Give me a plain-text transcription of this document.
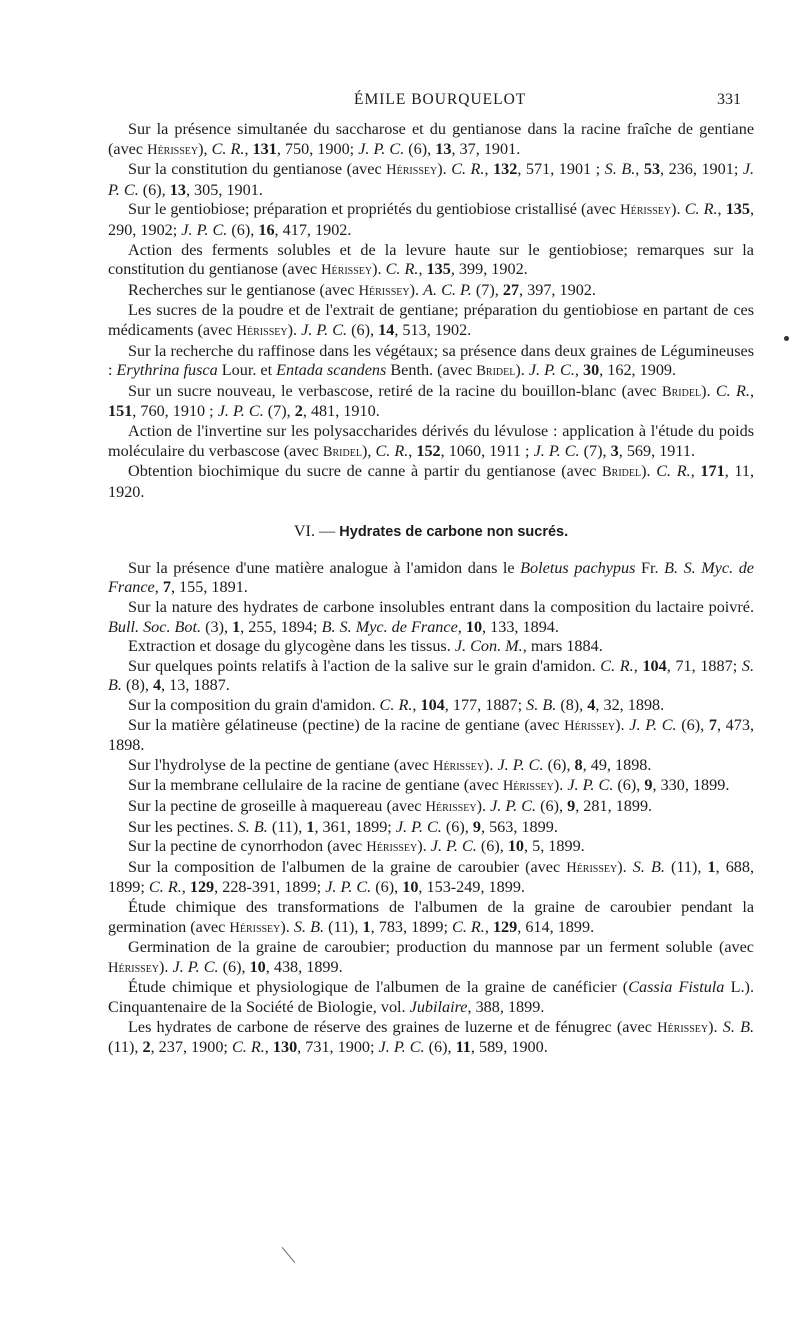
ÉMILE BOURQUELOT	331

Sur la présence simultanée du saccharose et du gentianose dans la racine fraîche de gentiane (avec Hérissey), C. R., 131, 750, 1900; J. P. C. (6), 13, 37, 1901.

Sur la constitution du gentianose (avec Hérissey). C. R., 132, 571, 1901 ; S. B., 53, 236, 1901; J. P. C. (6), 13, 305, 1901.

Sur le gentiobiose; préparation et propriétés du gentiobiose cristallisé (avec Hérissey). C. R., 135, 290, 1902; J. P. C. (6), 16, 417, 1902.

Action des ferments solubles et de la levure haute sur le gentiobiose; remarques sur la constitution du gentianose (avec Hérissey). C. R., 135, 399, 1902.

Recherches sur le gentianose (avec Hérissey). A. C. P. (7), 27, 397, 1902.

Les sucres de la poudre et de l'extrait de gentiane; préparation du gentiobiose en partant de ces médicaments (avec Hérissey). J. P. C. (6), 14, 513, 1902.

Sur la recherche du raffinose dans les végétaux; sa présence dans deux graines de Légumineuses : Erythrina fusca Lour. et Entada scandens Benth. (avec Bridel). J. P. C., 30, 162, 1909.

Sur un sucre nouveau, le verbascose, retiré de la racine du bouillon-blanc (avec Bridel). C. R., 151, 760, 1910 ; J. P. C. (7), 2, 481, 1910.

Action de l'invertine sur les polysaccharides dérivés du lévulose : application à l'étude du poids moléculaire du verbascose (avec Bridel), C. R., 152, 1060, 1911 ; J. P. C. (7), 3, 569, 1911.

Obtention biochimique du sucre de canne à partir du gentianose (avec Bridel). C. R., 171, 11, 1920.

VI. — Hydrates de carbone non sucrés.

Sur la présence d'une matière analogue à l'amidon dans le Boletus pachypus Fr. B. S. Myc. de France, 7, 155, 1891.

Sur la nature des hydrates de carbone insolubles entrant dans la composition du lactaire poivré. Bull. Soc. Bot. (3), 1, 255, 1894; B. S. Myc. de France, 10, 133, 1894.

Extraction et dosage du glycogène dans les tissus. J. Con. M., mars 1884.

Sur quelques points relatifs à l'action de la salive sur le grain d'amidon. C. R., 104, 71, 1887; S. B. (8), 4, 13, 1887.

Sur la composition du grain d'amidon. C. R., 104, 177, 1887; S. B. (8), 4, 32, 1898.

Sur la matière gélatineuse (pectine) de la racine de gentiane (avec Hérissey). J. P. C. (6), 7, 473, 1898.

Sur l'hydrolyse de la pectine de gentiane (avec Hérissey). J. P. C. (6), 8, 49, 1898.

Sur la membrane cellulaire de la racine de gentiane (avec Hérissey). J. P. C. (6), 9, 330, 1899.

Sur la pectine de groseille à maquereau (avec Hérissey). J. P. C. (6), 9, 281, 1899.

Sur les pectines. S. B. (11), 1, 361, 1899; J. P. C. (6), 9, 563, 1899.

Sur la pectine de cynorrhodon (avec Hérissey). J. P. C. (6), 10, 5, 1899.

Sur la composition de l'albumen de la graine de caroubier (avec Hérissey). S. B. (11), 1, 688, 1899; C. R., 129, 228-391, 1899; J. P. C. (6), 10, 153-249, 1899.

Étude chimique des transformations de l'albumen de la graine de caroubier pendant la germination (avec Hérissey). S. B. (11), 1, 783, 1899; C. R., 129, 614, 1899.

Germination de la graine de caroubier; production du mannose par un ferment soluble (avec Hérissey). J. P. C. (6), 10, 438, 1899.

Étude chimique et physiologique de l'albumen de la graine de canéficier (Cassia Fistula L.). Cinquantenaire de la Société de Biologie, vol. Jubilaire, 388, 1899.

Les hydrates de carbone de réserve des graines de luzerne et de fénugrec (avec Hérissey). S. B. (11), 2, 237, 1900; C. R., 130, 731, 1900; J. P. C. (6), 11, 589, 1900.
